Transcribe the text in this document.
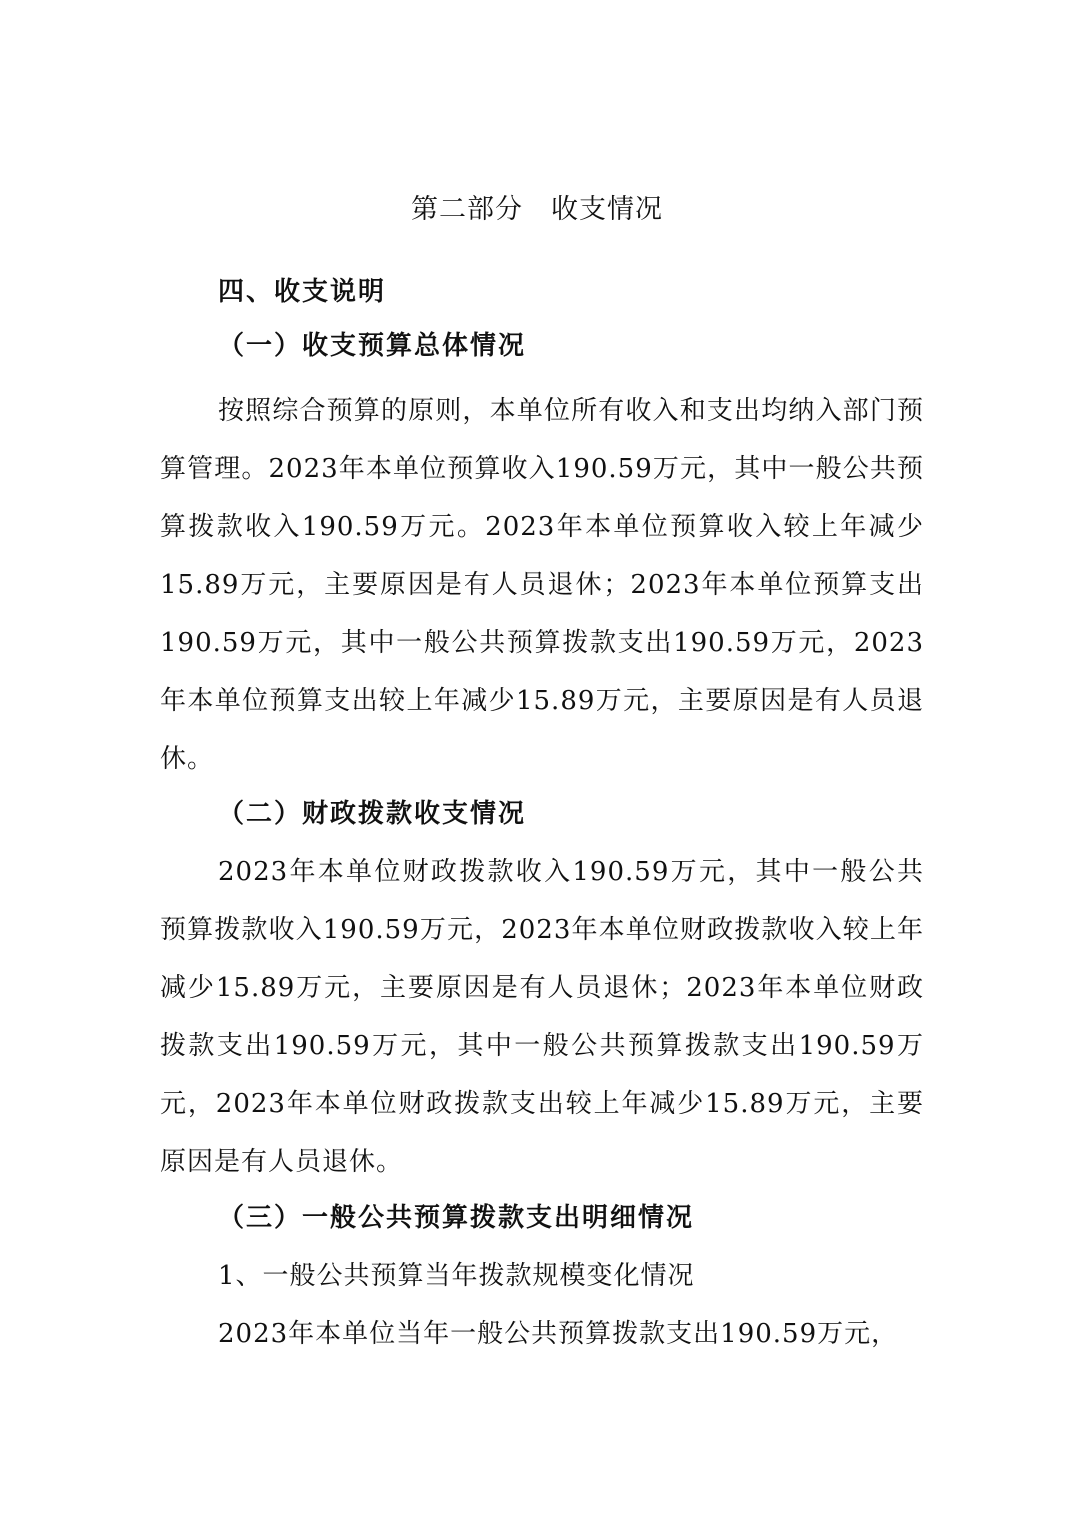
第二部分　收支情况
四、收支说明
（一）收支预算总体情况
按照综合预算的原则，本单位所有收入和支出均纳入部门预算管理。2023年本单位预算收入190.59万元，其中一般公共预算拨款收入190.59万元。2023年本单位预算收入较上年减少15.89万元，主要原因是有人员退休；2023年本单位预算支出190.59万元，其中一般公共预算拨款支出190.59万元，2023年本单位预算支出较上年减少15.89万元，主要原因是有人员退休。
（二）财政拨款收支情况
2023年本单位财政拨款收入190.59万元，其中一般公共预算拨款收入190.59万元，2023年本单位财政拨款收入较上年减少15.89万元，主要原因是有人员退休；2023年本单位财政拨款支出190.59万元，其中一般公共预算拨款支出190.59万元，2023年本单位财政拨款支出较上年减少15.89万元，主要原因是有人员退休。
（三）一般公共预算拨款支出明细情况
1、一般公共预算当年拨款规模变化情况
2023年本单位当年一般公共预算拨款支出190.59万元，
